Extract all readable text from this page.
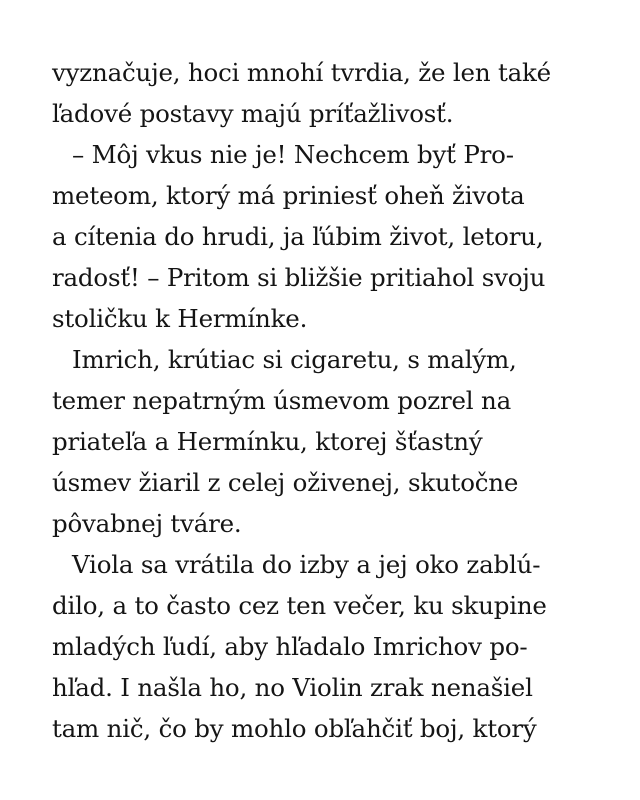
vyznačuje, hoci mnohí tvrdia, že len také
ľadové postavy majú príťažlivosť.
– Môj vkus nie je! Nechcem byť Pro-
meteom, ktorý má priniesť oheň života
a cítenia do hrudi, ja ľúbim život, letoru,
radosť! – Pritom si bližšie pritiahol svoju
stoličku k Hermínke.
Imrich, krútiac si cigaretu, s malým,
temer nepatrným úsmevom pozrel na
priateľa a Hermínku, ktorej šťastný
úsmev žiaril z celej oživenej, skutočne
pôvabnej tváre.
Viola sa vrátila do izby a jej oko zablú-
dilo, a to často cez ten večer, ku skupine
mladých ľudí, aby hľadalo Imrichov po-
hľad. I našla ho, no Violin zrak nenašiel
tam nič, čo by mohlo obľahčiť boj, ktorý
